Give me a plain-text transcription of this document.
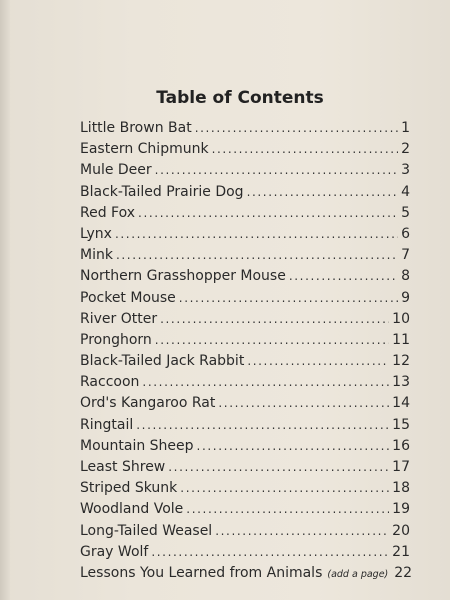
Table of Contents
Little Brown Bat .....	1
Eastern Chipmunk .....	2
Mule Deer .....	3
Black-Tailed Prairie Dog .....	4
Red Fox .....	5
Lynx .....	6
Mink .....	7
Northern Grasshopper Mouse .....	8
Pocket Mouse .....	9
River Otter .....	10
Pronghorn .....	11
Black-Tailed Jack Rabbit .....	12
Raccoon .....	13
Ord's Kangaroo Rat .....	14
Ringtail .....	15
Mountain Sheep .....	16
Least Shrew .....	17
Striped Skunk .....	18
Woodland Vole .....	19
Long-Tailed Weasel .....	20
Gray Wolf .....	21
Lessons You Learned from Animals (add a page) 22
